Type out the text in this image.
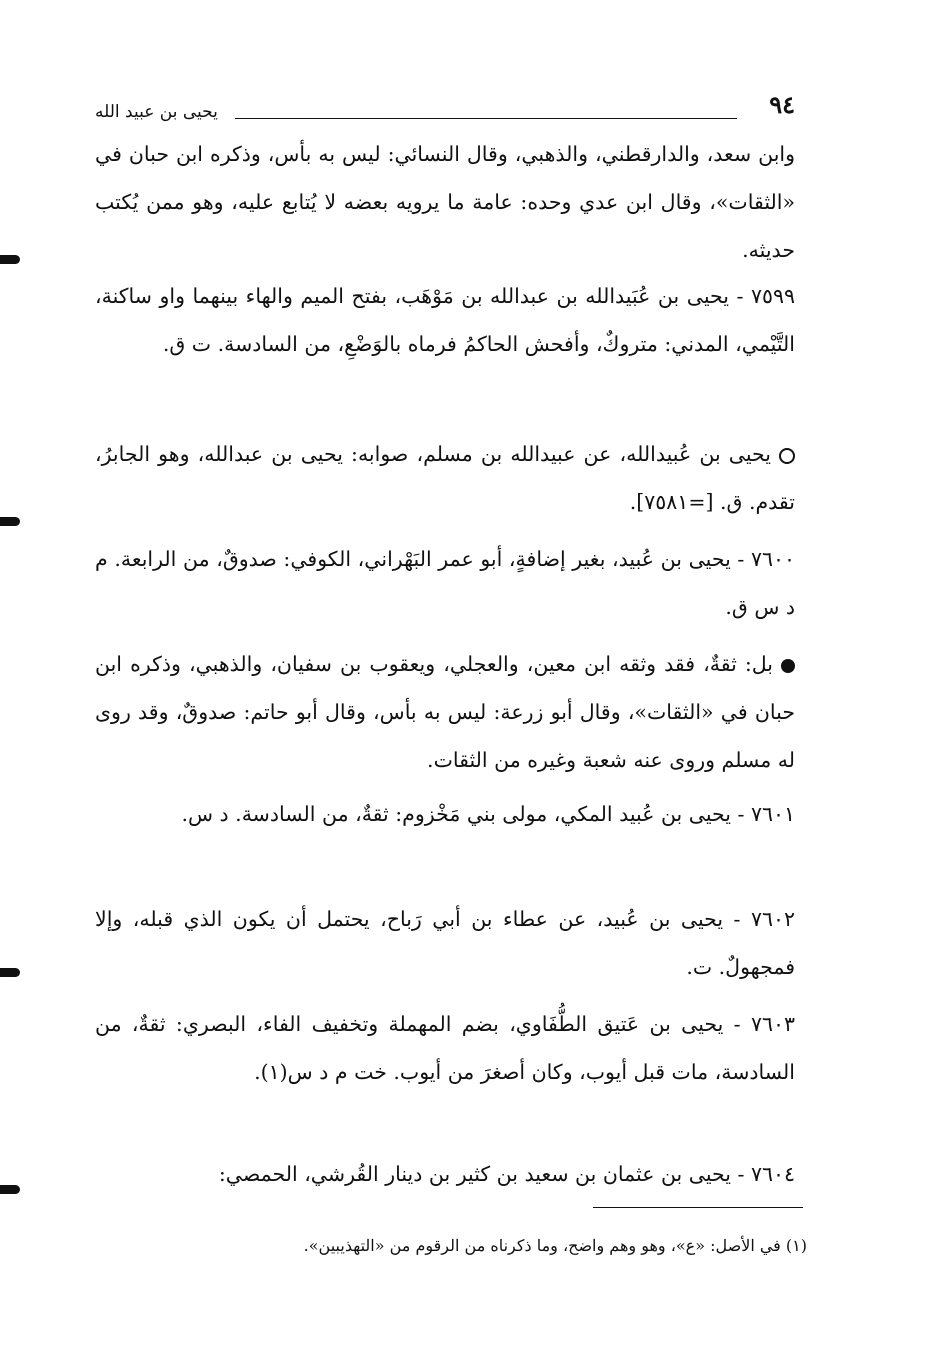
٩٤
يحيى بن عبيد الله
وابن سعد، والدارقطني، والذهبي، وقال النسائي: ليس به بأس، وذكره ابن حبان في «الثقات»، وقال ابن عدي وحده: عامة ما يرويه بعضه لا يُتابع عليه، وهو ممن يُكتب حديثه.
٧٥٩٩ - يحيى بن عُبَيدالله بن عبدالله بن مَوْهَب، بفتح الميم والهاء بينهما واو ساكنة، التَّيْمي، المدني: متروكٌ، وأفحش الحاكمُ فرماه بالوَضْعِ، من السادسة. ت ق.
يحيى بن عُبيدالله، عن عبيدالله بن مسلم، صوابه: يحيى بن عبدالله، وهو الجابرُ، تقدم. ق. [=٧٥٨١].
٧٦٠٠ - يحيى بن عُبيد، بغير إضافةٍ، أبو عمر البَهْراني، الكوفي: صدوقٌ، من الرابعة. م د س ق.
بل: ثقةٌ، فقد وثقه ابن معين، والعجلي، ويعقوب بن سفيان، والذهبي، وذكره ابن حبان في «الثقات»، وقال أبو زرعة: ليس به بأس، وقال أبو حاتم: صدوقٌ، وقد روى له مسلم وروى عنه شعبة وغيره من الثقات.
٧٦٠١ - يحيى بن عُبيد المكي، مولى بني مَخْزوم: ثقةٌ، من السادسة. د س.
٧٦٠٢ - يحيى بن عُبيد، عن عطاء بن أبي رَباح، يحتمل أن يكون الذي قبله، وإلا فمجهولٌ. ت.
٧٦٠٣ - يحيى بن عَتيق الطُّفَاوي، بضم المهملة وتخفيف الفاء، البصري: ثقةٌ، من السادسة، مات قبل أيوب، وكان أصغرَ من أيوب. خت م د س(١).
٧٦٠٤ - يحيى بن عثمان بن سعيد بن كثير بن دينار القُرشي، الحمصي:
(١) في الأصل: «ع»، وهو وهم واضح، وما ذكرناه من الرقوم من «التهذيبين».
